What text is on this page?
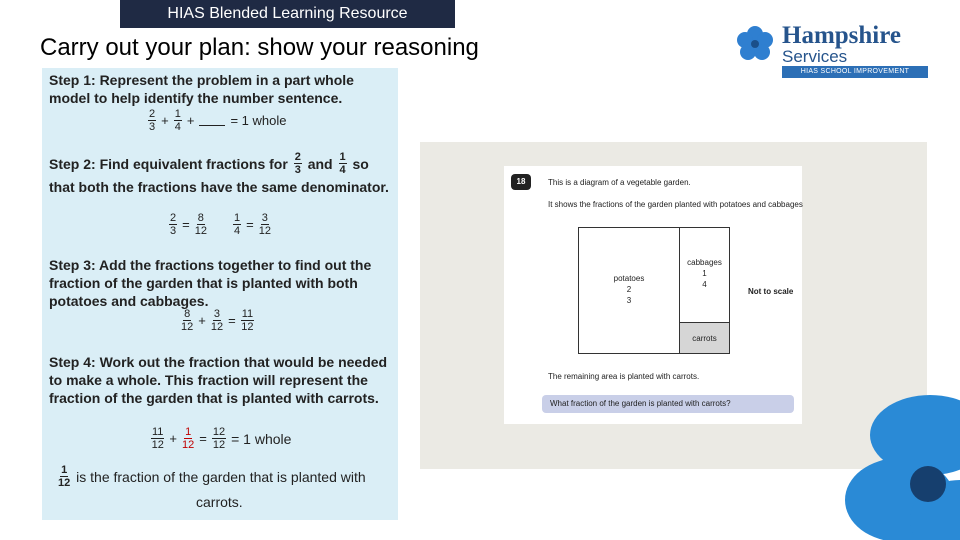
HIAS Blended Learning Resource
Carry out your plan: show your reasoning	Hampshire
Services
HIAS SCHOOL IMPROVEMENT
Step 1: Represent the problem in a part whole model to help identify the number sentence.
$\frac{2}{3} + \frac{1}{4}$ +	= 1 whole
Step 2: Find equivalent fractions for $\frac{2}{3}$ and $\frac{1}{4}$ so that both the fractions have the same denominator.
$\frac{2}{3} = \frac{8}{12} \frac{1}{4} = \frac{3}{12}$
Step 3: Add the fractions together to find out the fraction of the garden that is planted with both potatoes and cabbages.
$\frac{8}{12} + \frac{3}{12} = \frac{11}{12}$
Step 4: Work out the fraction that would be needed to make a whole. This fraction will represent the fraction of the garden that is planted with carrots.
$\frac{11}{12} + \frac{1}{12} = \frac{12}{12} = 1$ whole
$\frac{1}{12}$ is the fraction of the garden that is planted with
carrots.
18	This is a diagram of a vegetable garden.
It shows the fractions of the garden planted with potatoes and cabbages
potatoes
2
3
cabbages
1
4
carrots
Not to scale
The remaining area is planted with carrots.
What fraction of the garden is planted with carrots?
